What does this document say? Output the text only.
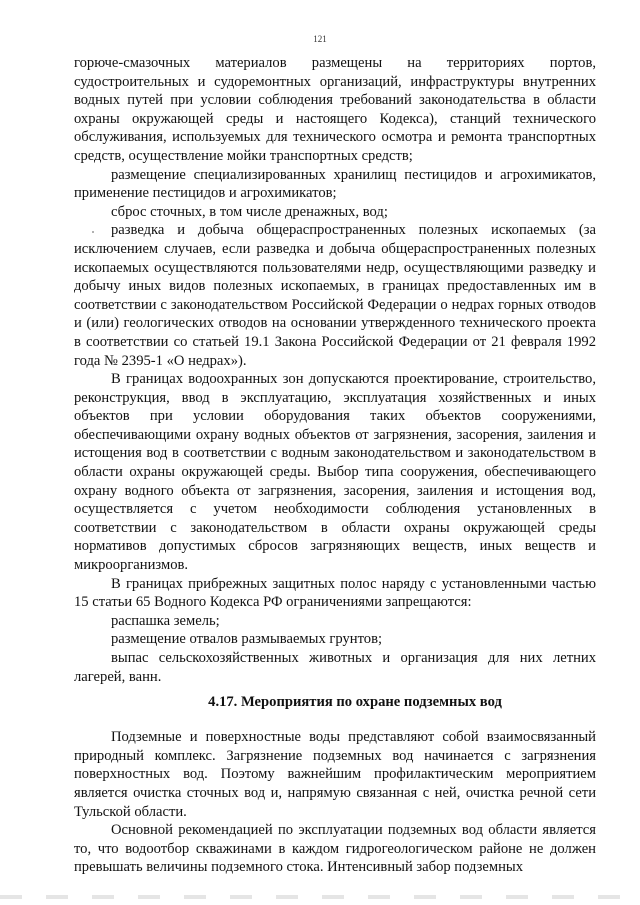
121

горюче-смазочных материалов размещены на территориях портов, судостроительных и судоремонтных организаций, инфраструктуры внутренних водных путей при условии соблюдения требований законодательства в области охраны окружающей среды и настоящего Кодекса), станций технического обслуживания, используемых для технического осмотра и ремонта транспортных средств, осуществление мойки транспортных средств;

размещение специализированных хранилищ пестицидов и агрохимикатов, применение пестицидов и агрохимикатов;

сброс сточных, в том числе дренажных, вод;

разведка и добыча общераспространенных полезных ископаемых (за исключением случаев, если разведка и добыча общераспространенных полезных ископаемых осуществляются пользователями недр, осуществляющими разведку и добычу иных видов полезных ископаемых, в границах предоставленных им в соответствии с законодательством Российской Федерации о недрах горных отводов и (или) геологических отводов на основании утвержденного технического проекта в соответствии со статьей 19.1 Закона Российской Федерации от 21 февраля 1992 года № 2395-1 «О недрах»).

В границах водоохранных зон допускаются проектирование, строительство, реконструкция, ввод в эксплуатацию, эксплуатация хозяйственных и иных объектов при условии оборудования таких объектов сооружениями, обеспечивающими охрану водных объектов от загрязнения, засорения, заиления и истощения вод в соответствии с водным законодательством и законодательством в области охраны окружающей среды. Выбор типа сооружения, обеспечивающего охрану водного объекта от загрязнения, засорения, заиления и истощения вод, осуществляется с учетом необходимости соблюдения установленных в соответствии с законодательством в области охраны окружающей среды нормативов допустимых сбросов загрязняющих веществ, иных веществ и микроорганизмов.

В границах прибрежных защитных полос наряду с установленными частью 15 статьи 65 Водного Кодекса РФ ограничениями запрещаются:

распашка земель;

размещение отвалов размываемых грунтов;

выпас сельскохозяйственных животных и организация для них летних лагерей, ванн.

4.17. Мероприятия по охране подземных вод

Подземные и поверхностные воды представляют собой взаимосвязанный природный комплекс. Загрязнение подземных вод начинается с загрязнения поверхностных вод. Поэтому важнейшим профилактическим мероприятием является очистка сточных вод и, напрямую связанная с ней, очистка речной сети Тульской области.

Основной рекомендацией по эксплуатации подземных вод области является то, что водоотбор скважинами в каждом гидрогеологическом районе не должен превышать величины подземного стока. Интенсивный забор подземных
